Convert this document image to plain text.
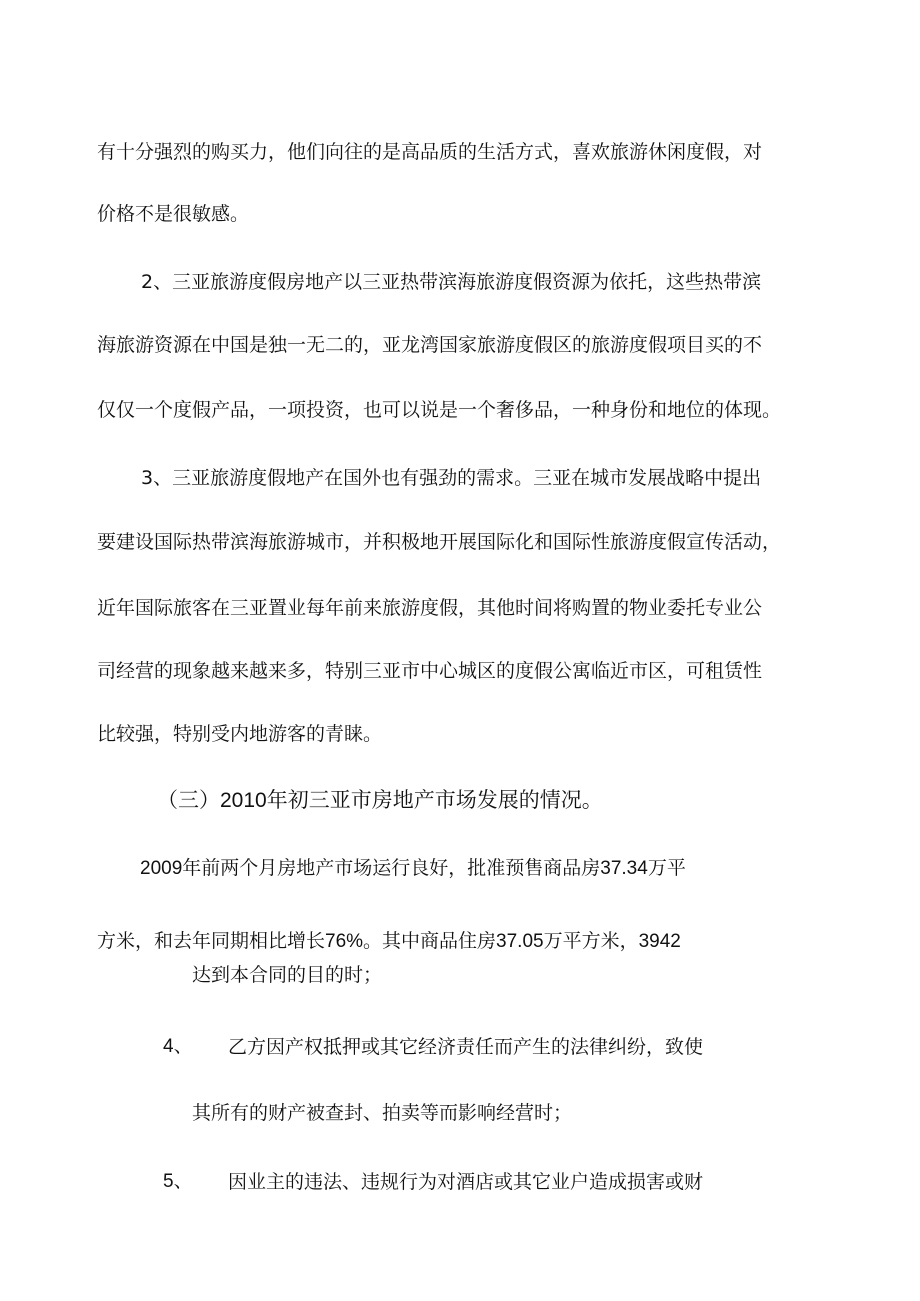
有十分强烈的购买力，他们向往的是高品质的生活方式，喜欢旅游休闲度假，对
价格不是很敏感。
2、三亚旅游度假房地产以三亚热带滨海旅游度假资源为依托，这些热带滨
海旅游资源在中国是独一无二的，亚龙湾国家旅游度假区的旅游度假项目买的不
仅仅一个度假产品，一项投资，也可以说是一个奢侈品，一种身份和地位的体现。
3、三亚旅游度假地产在国外也有强劲的需求。三亚在城市发展战略中提出
要建设国际热带滨海旅游城市，并积极地开展国际化和国际性旅游度假宣传活动，
近年国际旅客在三亚置业每年前来旅游度假，其他时间将购置的物业委托专业公
司经营的现象越来越来多，特别三亚市中心城区的度假公寓临近市区，可租赁性
比较强，特别受内地游客的青睐。
（三）2010年初三亚市房地产市场发展的情况。
2009年前两个月房地产市场运行良好，批准预售商品房37.34万平
方米，和去年同期相比增长76%。其中商品住房37.05万平方米，3942
达到本合同的目的时；
4、 乙方因产权抵押或其它经济责任而产生的法律纠纷，致使
其所有的财产被查封、拍卖等而影响经营时；
5、 因业主的违法、违规行为对酒店或其它业户造成损害或财
